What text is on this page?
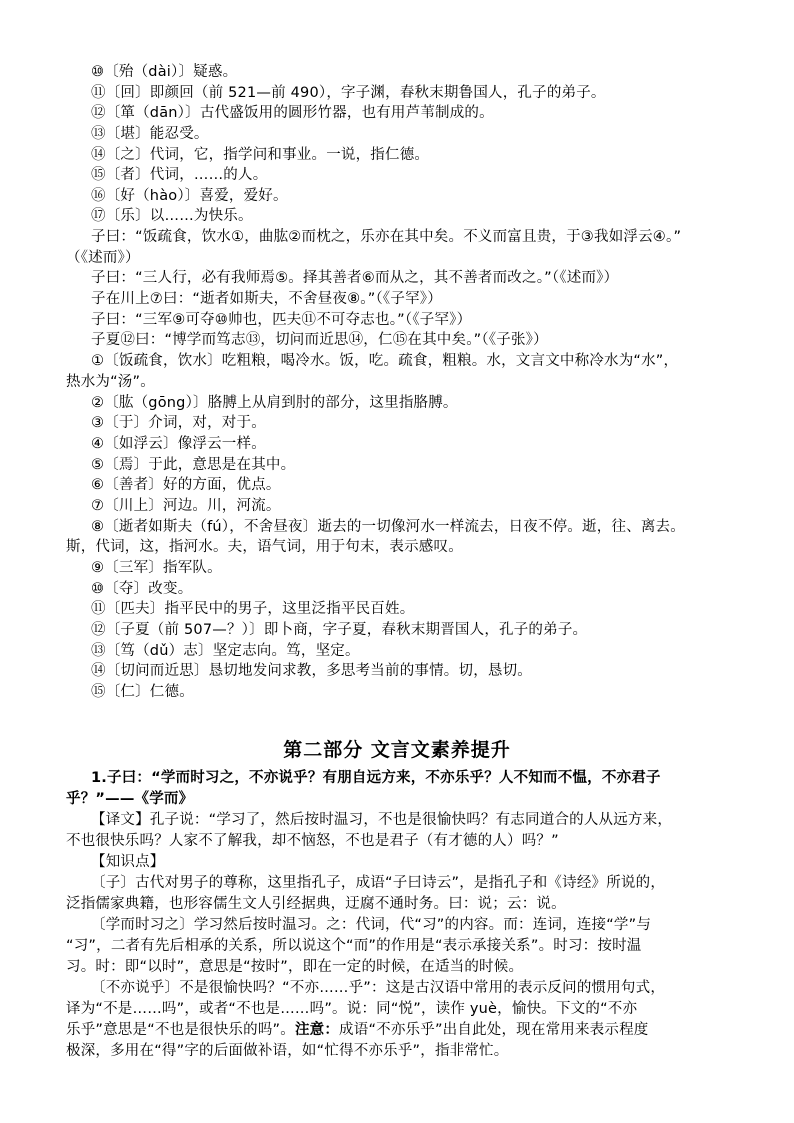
⑩〔殆（dài）〕疑惑。
⑪〔回〕即颜回（前 521—前 490），字子渊，春秋末期鲁国人，孔子的弟子。
⑫〔箪（dān）〕古代盛饭用的圆形竹器，也有用芦苇制成的。
⑬〔堪〕能忍受。
⑭〔之〕代词，它，指学问和事业。一说，指仁德。
⑮〔者〕代词，……的人。
⑯〔好（hào）〕喜爱，爱好。
⑰〔乐〕以……为快乐。
子曰：“饭疏食，饮水①，曲肱②而枕之，乐亦在其中矣。不义而富且贵，于③我如浮云④。”
（《述而》）
子曰：“三人行，必有我师焉⑤。择其善者⑥而从之，其不善者而改之。”（《述而》）
子在川上⑦曰：“逝者如斯夫，不舍昼夜⑧。”（《子罕》）
子曰：“三军⑨可夺⑩帅也，匹夫⑪不可夺志也。”（《子罕》）
子夏⑫曰：“博学而笃志⑬，切问而近思⑭，仁⑮在其中矣。”（《子张》）
①〔饭疏食，饮水〕吃粗粮，喝冷水。饭，吃。疏食，粗粮。水，文言文中称冷水为“水”，
热水为“汤”。
②〔肱（gōng）〕胳膊上从肩到肘的部分，这里指胳膊。
③〔于〕介词，对，对于。
④〔如浮云〕像浮云一样。
⑤〔焉〕于此，意思是在其中。
⑥〔善者〕好的方面，优点。
⑦〔川上〕河边。川，河流。
⑧〔逝者如斯夫（fú），不舍昼夜〕逝去的一切像河水一样流去，日夜不停。逝，往、离去。
斯，代词，这，指河水。夫，语气词，用于句末，表示感叹。
⑨〔三军〕指军队。
⑩〔夺〕改变。
⑪〔匹夫〕指平民中的男子，这里泛指平民百姓。
⑫〔子夏（前 507—？）〕即卜商，字子夏，春秋末期晋国人，孔子的弟子。
⑬〔笃（dǔ）志〕坚定志向。笃，坚定。
⑭〔切问而近思〕恳切地发问求教，多思考当前的事情。切，恳切。
⑮〔仁〕仁德。
第二部分 文言文素养提升
1.子曰：“学而时习之，不亦说乎？有朋自远方来，不亦乐乎？人不知而不愠，不亦君子
乎？”——《学而》
【译文】孔子说：“学习了，然后按时温习，不也是很愉快吗？有志同道合的人从远方来，
不也很快乐吗？人家不了解我，却不恼怒，不也是君子（有才德的人）吗？”
【知识点】
〔子〕古代对男子的尊称，这里指孔子，成语“子曰诗云”，是指孔子和《诗经》所说的，
泛指儒家典籍，也形容儒生文人引经据典，迂腐不通时务。曰：说；云：说。
〔学而时习之〕学习然后按时温习。之：代词，代“习”的内容。而：连词，连接“学”与
“习”，二者有先后相承的关系，所以说这个“而”的作用是“表示承接关系”。时习：按时温
习。时：即“以时”，意思是“按时”，即在一定的时候，在适当的时候。
〔不亦说乎〕不是很愉快吗？“不亦……乎”：这是古汉语中常用的表示反问的惯用句式，
译为“不是……吗”，或者“不也是……吗”。说：同“悦”，读作 yuè，愉快。下文的“不亦
乐乎”意思是“不也是很快乐的吗”。注意：成语“不亦乐乎”出自此处，现在常用来表示程度
极深，多用在“得”字的后面做补语，如“忙得不亦乐乎”，指非常忙。
